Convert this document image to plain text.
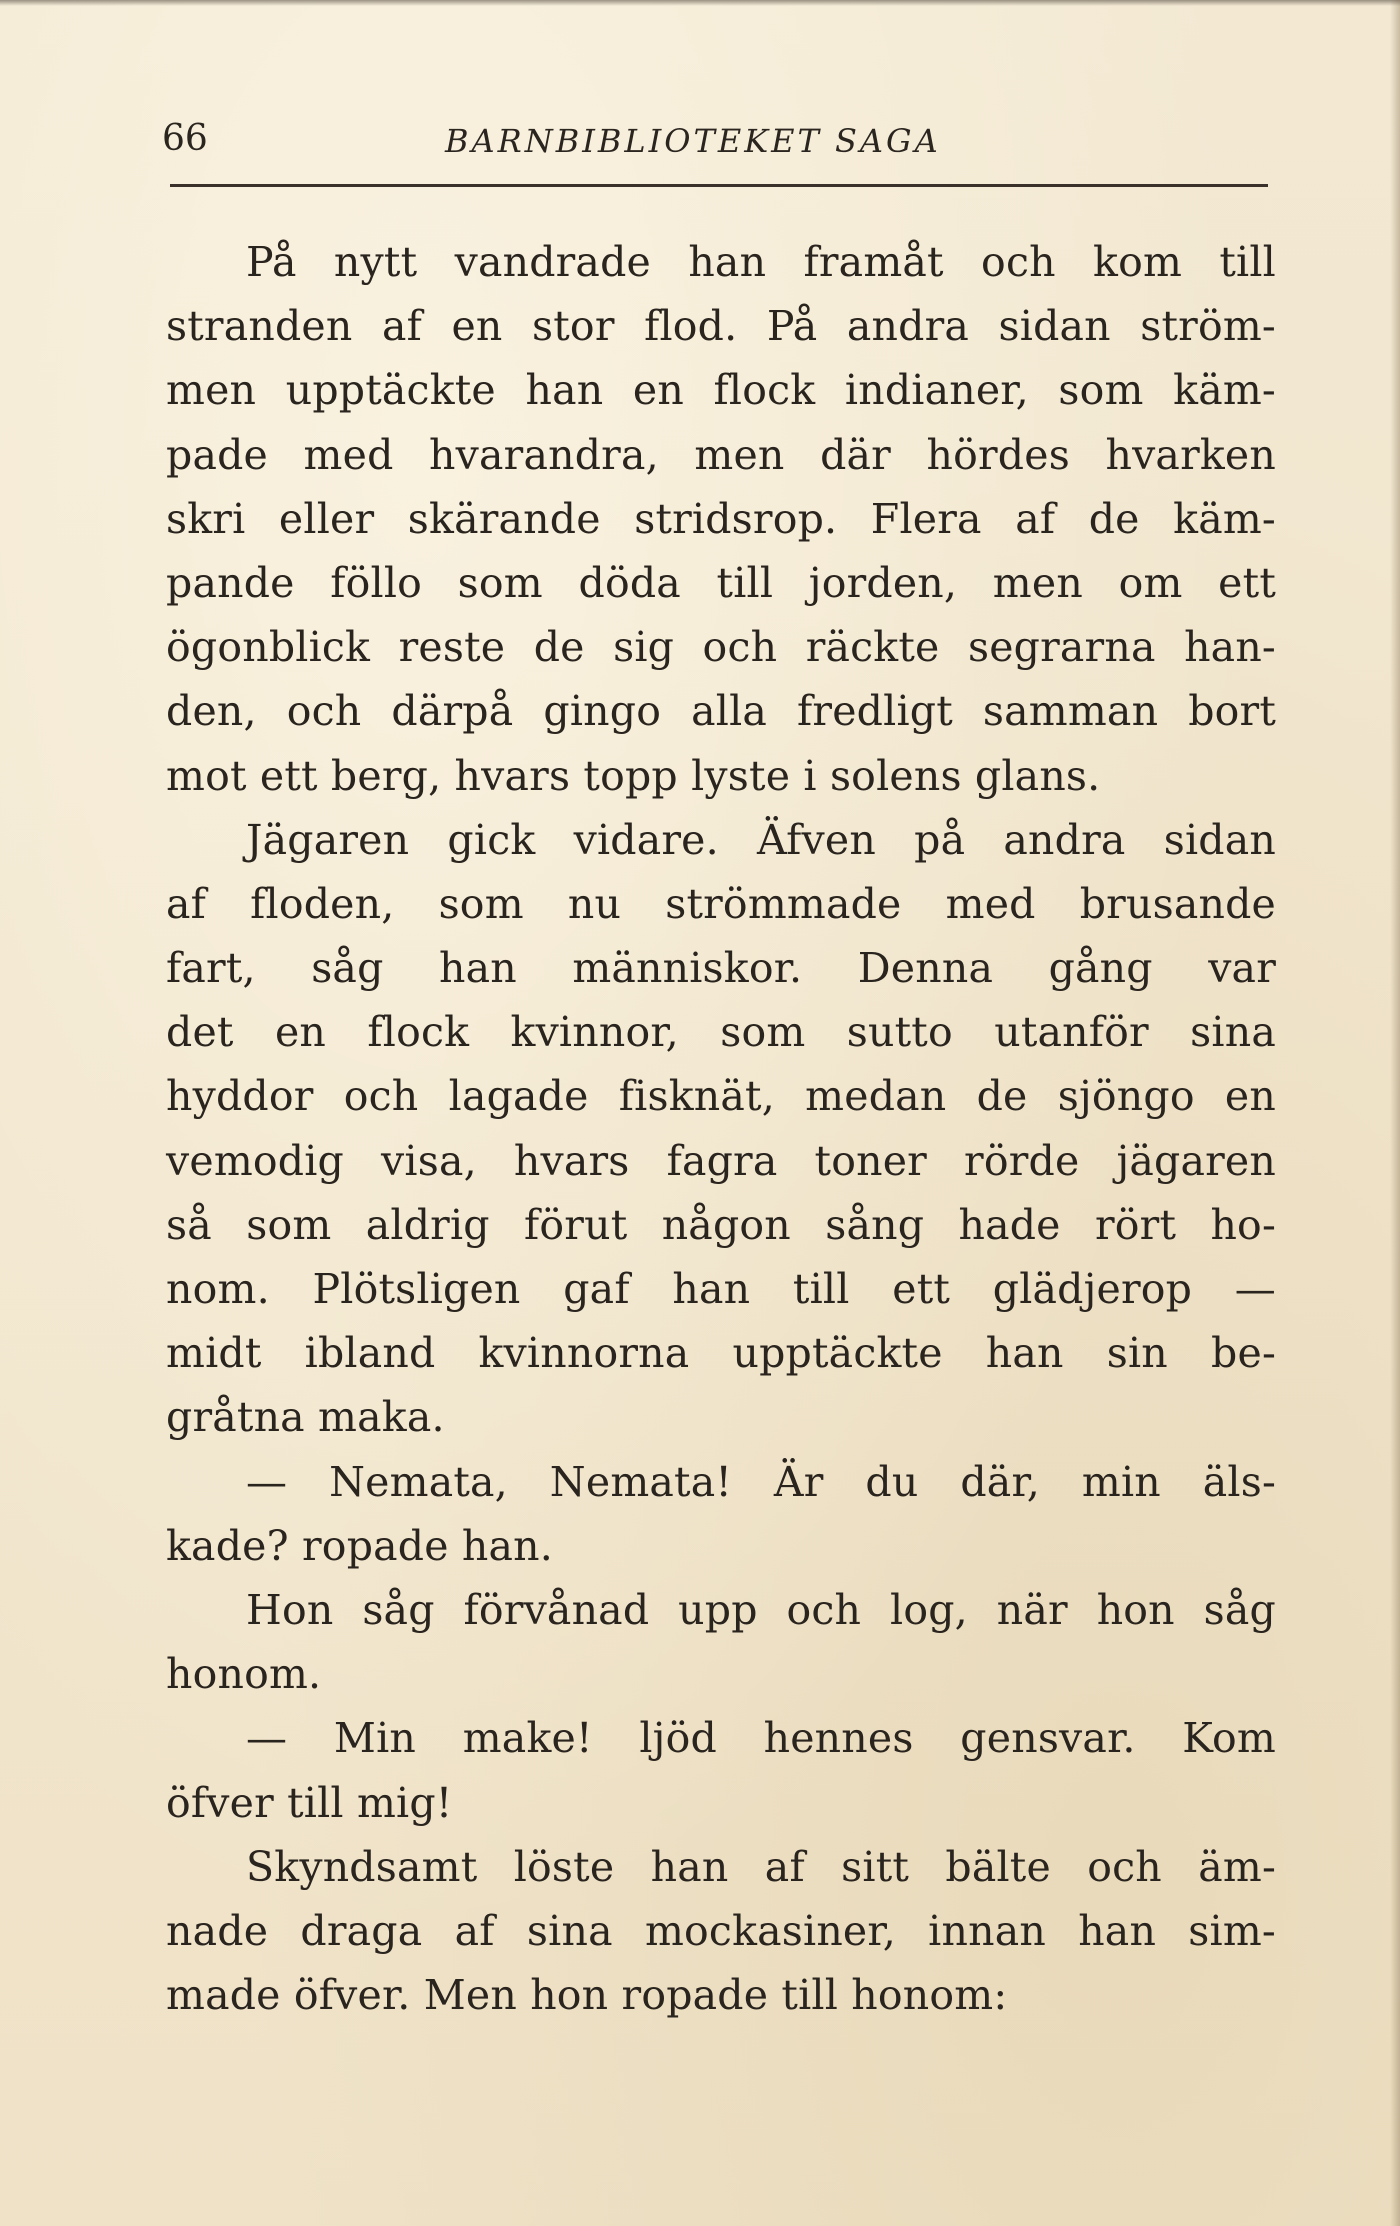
66	BARNBIBLIOTEKET SAGA
På nytt vandrade han framåt och kom till
stranden af en stor flod. På andra sidan ström-
men upptäckte han en flock indianer, som käm-
pade med hvarandra, men där hördes hvarken
skri eller skärande stridsrop. Flera af de käm-
pande föllo som döda till jorden, men om ett
ögonblick reste de sig och räckte segrarna han-
den, och därpå gingo alla fredligt samman bort
mot ett berg, hvars topp lyste i solens glans.
Jägaren gick vidare. Äfven på andra sidan
af floden, som nu strömmade med brusande
fart, såg han människor. Denna gång var
det en flock kvinnor, som sutto utanför sina
hyddor och lagade fisknät, medan de sjöngo en
vemodig visa, hvars fagra toner rörde jägaren
så som aldrig förut någon sång hade rört ho-
nom. Plötsligen gaf han till ett glädjerop —
midt ibland kvinnorna upptäckte han sin be-
gråtna maka.
— Nemata, Nemata! Är du där, min äls-
kade? ropade han.
Hon såg förvånad upp och log, när hon såg
honom.
— Min make! ljöd hennes gensvar. Kom
öfver till mig!
Skyndsamt löste han af sitt bälte och äm-
nade draga af sina mockasiner, innan han sim-
made öfver. Men hon ropade till honom:
